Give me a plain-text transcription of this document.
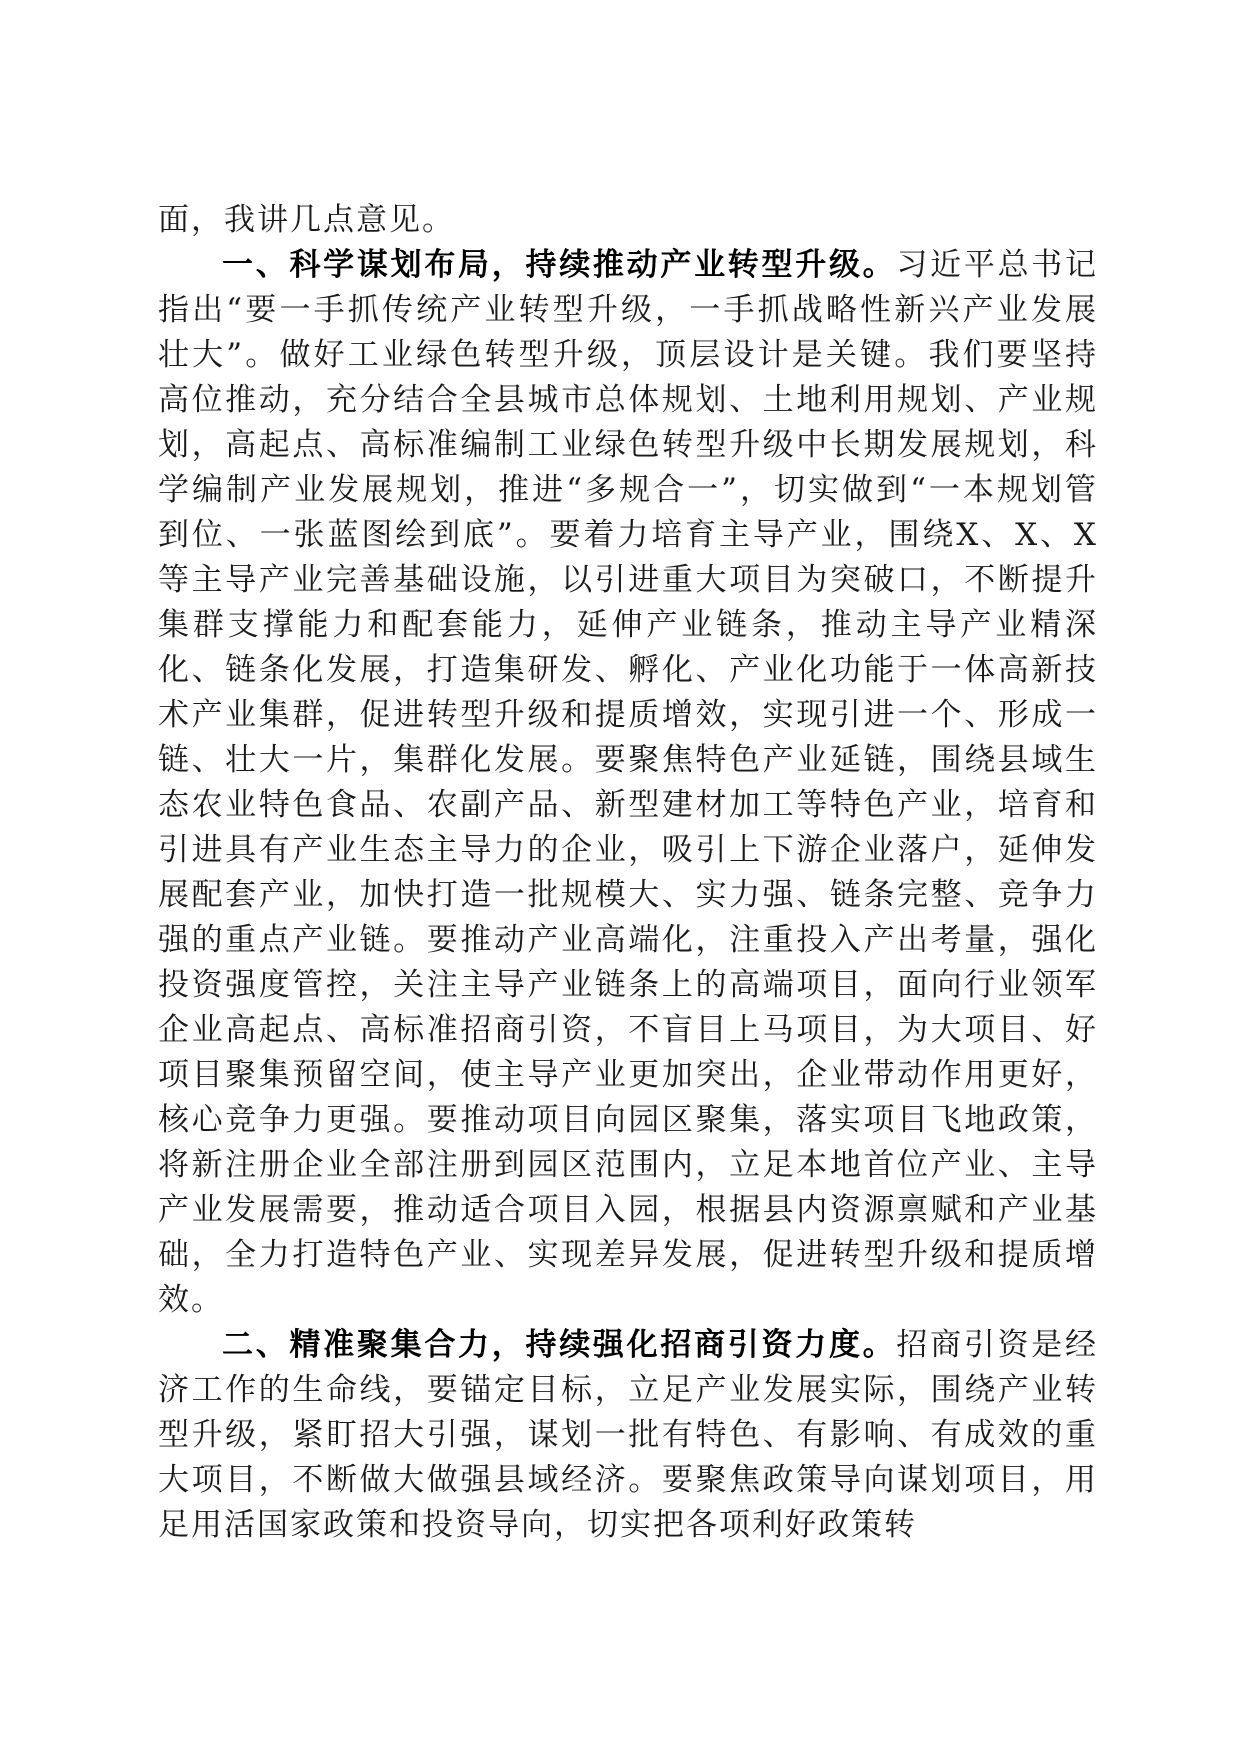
面，我讲几点意见。

一、科学谋划布局，持续推动产业转型升级。习近平总书记指出“要一手抓传统产业转型升级，一手抓战略性新兴产业发展壮大”。做好工业绿色转型升级，顶层设计是关键。我们要坚持高位推动，充分结合全县城市总体规划、土地利用规划、产业规划，高起点、高标准编制工业绿色转型升级中长期发展规划，科学编制产业发展规划，推进“多规合一”，切实做到“一本规划管到位、一张蓝图绘到底”。要着力培育主导产业，围绕X、X、X等主导产业完善基础设施，以引进重大项目为突破口，不断提升集群支撑能力和配套能力，延伸产业链条，推动主导产业精深化、链条化发展，打造集研发、孵化、产业化功能于一体高新技术产业集群，促进转型升级和提质增效，实现引进一个、形成一链、壮大一片，集群化发展。要聚焦特色产业延链，围绕县域生态农业特色食品、农副产品、新型建材加工等特色产业，培育和引进具有产业生态主导力的企业，吸引上下游企业落户，延伸发展配套产业，加快打造一批规模大、实力强、链条完整、竞争力强的重点产业链。要推动产业高端化，注重投入产出考量，强化投资强度管控，关注主导产业链条上的高端项目，面向行业领军企业高起点、高标准招商引资，不盲目上马项目，为大项目、好项目聚集预留空间，使主导产业更加突出，企业带动作用更好，核心竞争力更强。要推动项目向园区聚集，落实项目飞地政策，将新注册企业全部注册到园区范围内，立足本地首位产业、主导产业发展需要，推动适合项目入园，根据县内资源禀赋和产业基础，全力打造特色产业、实现差异发展，促进转型升级和提质增效。

二、精准聚集合力，持续强化招商引资力度。招商引资是经济工作的生命线，要锚定目标，立足产业发展实际，围绕产业转型升级，紧盯招大引强，谋划一批有特色、有影响、有成效的重大项目，不断做大做强县域经济。要聚焦政策导向谋划项目，用足用活国家政策和投资导向，切实把各项利好政策转
